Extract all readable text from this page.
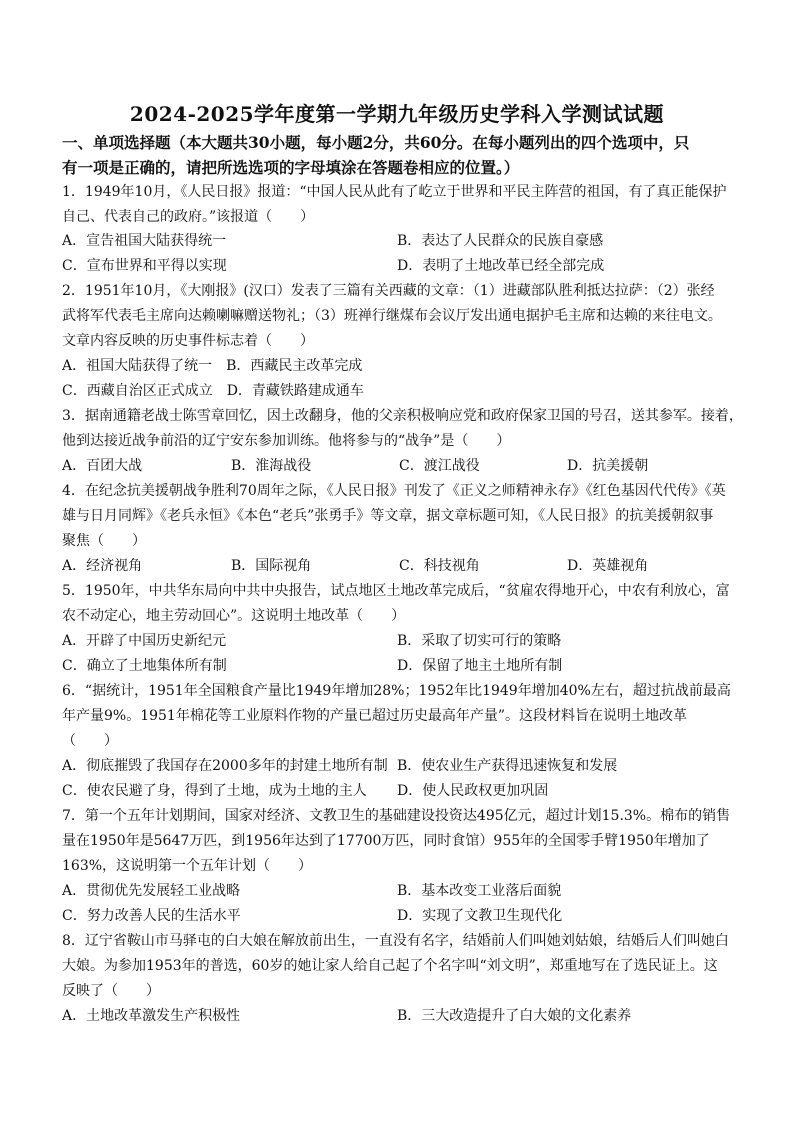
2024-2025学年度第一学期九年级历史学科入学测试试题
一、单项选择题（本大题共30小题，每小题2分，共60分。在每小题列出的四个选项中，只
有一项是正确的，请把所选选项的字母填涂在答题卷相应的位置。）
1．1949年10月，《人民日报》报道：“中国人民从此有了屹立于世界和平民主阵营的祖国，有了真正能保护
自己、代表自己的政府。”该报道（　　）
A．宣告祖国大陆获得统一	B．表达了人民群众的民族自豪感
C．宣布世界和平得以实现	D．表明了土地改革已经全部完成
2．1951年10月，《大刚报》(汉口）发表了三篇有关西藏的文章：（1）进藏部队胜利抵达拉萨：（2）张经
武将军代表毛主席向达赖喇嘛赠送物礼；（3）班禅行继煤布会议厅发出通电据护毛主席和达赖的来往电文。
文章内容反映的历史事件标志着（　　）
A．祖国大陆获得了统一　B．西藏民主改革完成
C．西藏自治区正式成立　D．青藏铁路建成通车
3．据南通籍老战士陈雪章回忆，因土改翻身，他的父亲积极响应党和政府保家卫国的号召，送其参军。接着，
他到达接近战争前沿的辽宁安东参加训练。他将参与的“战争”是（　　）
A．百团大战	B．淮海战役	C．渡江战役	D．抗美援朝
4．在纪念抗美援朝战争胜利70周年之际，《人民日报》刊发了《正义之师精神永存》《红色基因代代传》《英
雄与日月同辉》《老兵永恒》《本色“老兵”张勇手》等文章，据文章标题可知，《人民日报》的抗美援朝叙事
聚焦（　　）
A．经济视角	B．国际视角	C．科技视角	D．英雄视角
5．1950年，中共华东局向中共中央报告，试点地区土地改革完成后，“贫雇农得地开心，中农有利放心，富
农不动定心，地主劳动回心”。这说明土地改革（　　）
A．开辟了中国历史新纪元	B．采取了切实可行的策略
C．确立了土地集体所有制	D．保留了地主土地所有制
6．“据统计，1951年全国粮食产量比1949年增加28%；1952年比1949年增加40%左右，超过抗战前最高
年产量9%。1951年棉花等工业原料作物的产量已超过历史最高年产量”。这段材料旨在说明土地改革
（　　）
A．彻底摧毁了我国存在2000多年的封建土地所有制 B．使农业生产获得迅速恢复和发展
C．使农民避了身，得到了土地，成为土地的主人 D．使人民政权更加巩固
7．第一个五年计划期间，国家对经济、文教卫生的基础建设投资达495亿元，超过计划15.3%。棉布的销售
量在1950年是5647万匹，到1956年达到了17700万匹，同时食馆）955年的全国零手臂1950年增加了
163%，这说明第一个五年计划（　　）
A．贯彻优先发展轻工业战略	B．基本改变工业落后面貌
C．努力改善人民的生活水平	D．实现了文教卫生现代化
8．辽宁省鞍山市马驿屯的白大娘在解放前出生，一直没有名字，结婚前人们叫她刘姑娘，结婚后人们叫她白
大娘。为参加1953年的普选，60岁的她让家人给自己起了个名字叫“刘文明”，郑重地写在了选民证上。这
反映了（　　）
A．土地改革激发生产积极性	B．三大改造提升了白大娘的文化素养
